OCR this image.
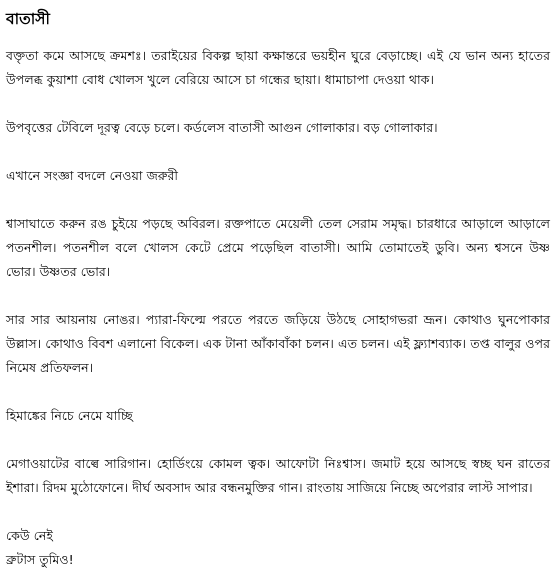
বাতাসী

বক্তৃতা কমে আসছে ক্রমশঃ। তরাইয়ের বিকল্প ছায়া কক্ষান্তরে ভয়হীন ঘুরে বেড়াচ্ছে। এই যে ভান অন্য হাতের উপলব্ধ কুয়াশা বোধ খোলস খুলে বেরিয়ে আসে চা গন্ধের ছায়া। ধামাচাপা দেওয়া থাক।

উপবৃত্তের টেবিলে দূরত্ব বেড়ে চলে। কর্ডলেস বাতাসী আগুন গোলাকার। বড় গোলাকার।

এখানে সংজ্ঞা বদলে নেওয়া জরুরী

শ্বাসাঘাতে করুন রঙ চুইয়ে পড়ছে অবিরল। রক্তপাতে মেয়েলী তেল সেরাম সমৃদ্ধ। চারধারে আড়ালে আড়ালে পতনশীল। পতনশীল বলে খোলস কেটে প্রেমে পড়েছিল বাতাসী। আমি তোমাতেই ডুবি। অন্য শ্বসনে উষ্ণ ভোর। উষ্ণতর ভোর।

সার সার আয়নায় নোঙর। প্যারা-ফিল্মে পরতে পরতে জড়িয়ে উঠছে সোহাগভরা ভ্রূন। কোথাও ঘুনপোকার উল্লাস। কোথাও বিবশ এলানো বিকেল। এক টানা আঁকাবাঁকা চলন। এত চলন। এই ফ্ল্যাশব্যাক। তপ্ত বালুর ওপর নিমেষ প্রতিফলন।

হিমাঙ্কের নিচে নেমে যাচ্ছি

মেগাওয়াটের বাল্বে সারিগান। হোর্ডিংয়ে কোমল ত্বক। আফোটা নিঃশ্বাস। জমাট হয়ে আসছে স্বচ্ছ ঘন রাতের ইশারা। রিদম মুঠোফোনে। দীর্ঘ অবসাদ আর বন্ধনমুক্তির গান। রাংতায় সাজিয়ে নিচ্ছে অপেরার লাস্ট সাপার।

কেউ নেই

ব্রুটাস তুমিও!
